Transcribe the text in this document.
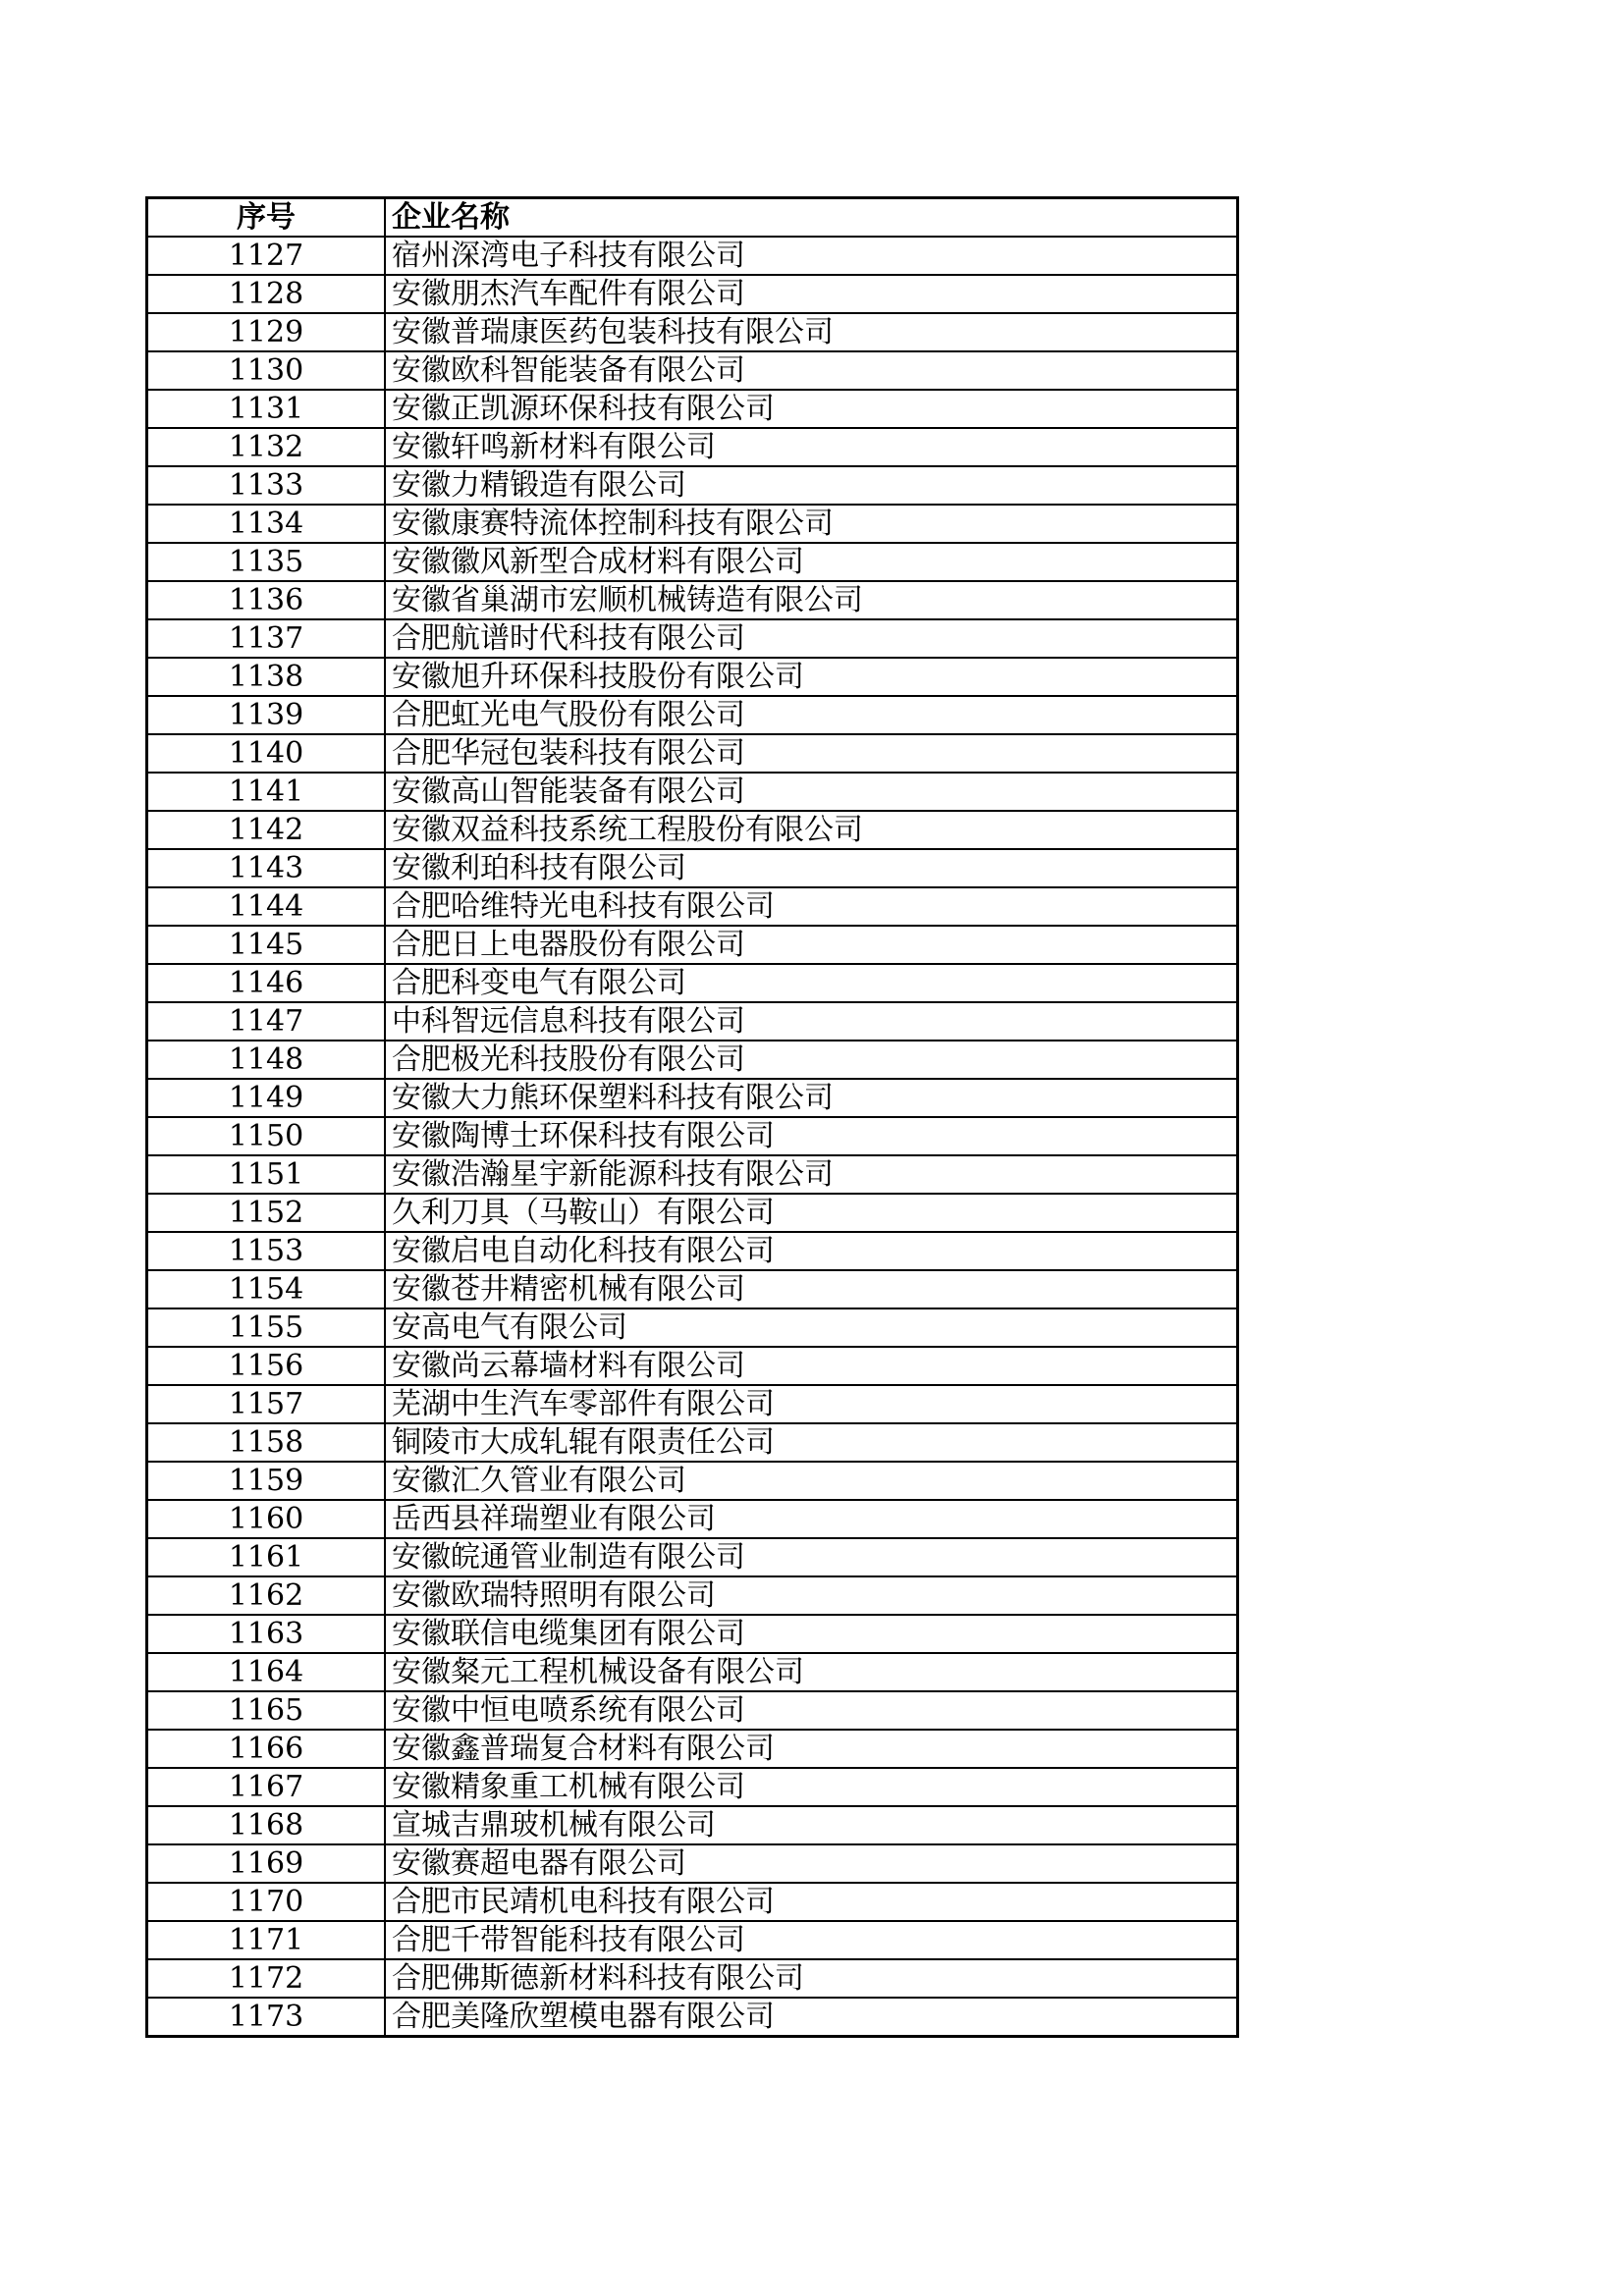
序号	企业名称
1127	宿州深湾电子科技有限公司
1128	安徽朋杰汽车配件有限公司
1129	安徽普瑞康医药包装科技有限公司
1130	安徽欧科智能装备有限公司
1131	安徽正凯源环保科技有限公司
1132	安徽轩鸣新材料有限公司
1133	安徽力精锻造有限公司
1134	安徽康赛特流体控制科技有限公司
1135	安徽徽风新型合成材料有限公司
1136	安徽省巢湖市宏顺机械铸造有限公司
1137	合肥航谱时代科技有限公司
1138	安徽旭升环保科技股份有限公司
1139	合肥虹光电气股份有限公司
1140	合肥华冠包装科技有限公司
1141	安徽高山智能装备有限公司
1142	安徽双益科技系统工程股份有限公司
1143	安徽利珀科技有限公司
1144	合肥哈维特光电科技有限公司
1145	合肥日上电器股份有限公司
1146	合肥科变电气有限公司
1147	中科智远信息科技有限公司
1148	合肥极光科技股份有限公司
1149	安徽大力熊环保塑料科技有限公司
1150	安徽陶博士环保科技有限公司
1151	安徽浩瀚星宇新能源科技有限公司
1152	久利刀具（马鞍山）有限公司
1153	安徽启电自动化科技有限公司
1154	安徽苍井精密机械有限公司
1155	安高电气有限公司
1156	安徽尚云幕墙材料有限公司
1157	芜湖中生汽车零部件有限公司
1158	铜陵市大成轧辊有限责任公司
1159	安徽汇久管业有限公司
1160	岳西县祥瑞塑业有限公司
1161	安徽皖通管业制造有限公司
1162	安徽欧瑞特照明有限公司
1163	安徽联信电缆集团有限公司
1164	安徽粲元工程机械设备有限公司
1165	安徽中恒电喷系统有限公司
1166	安徽鑫普瑞复合材料有限公司
1167	安徽精象重工机械有限公司
1168	宣城吉鼎玻机械有限公司
1169	安徽赛超电器有限公司
1170	合肥市民靖机电科技有限公司
1171	合肥千带智能科技有限公司
1172	合肥佛斯德新材料科技有限公司
1173	合肥美隆欣塑模电器有限公司
